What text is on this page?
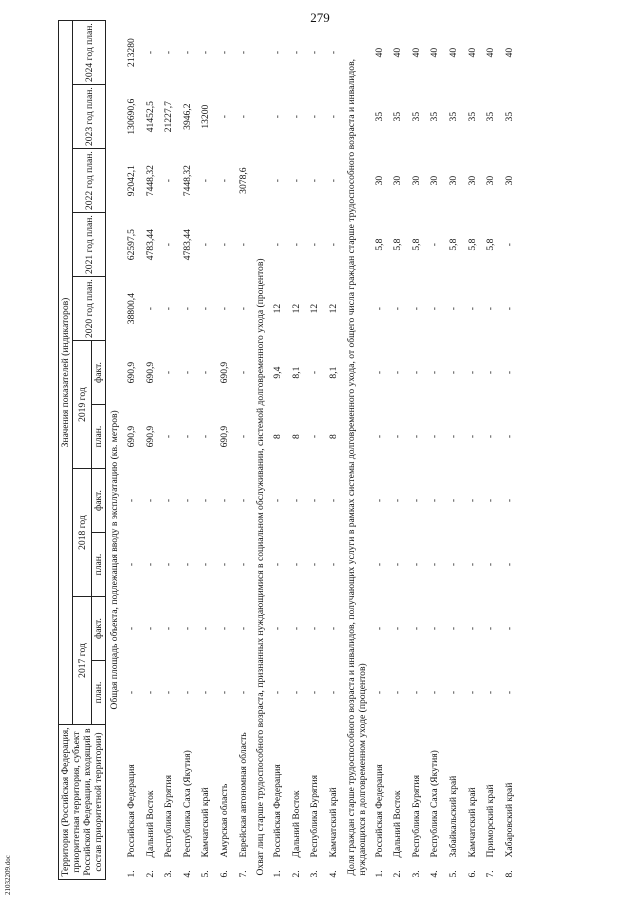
279
21032209.doc	Территория (Российская Федерация, приоритетная территория, субъект Российской Федерации, входящий в состав приоритетной территории)		Значения показателей (индикаторов)										
		2017 год		2018 год		2019 год		2020 год план.	2021 год план.	2022 год план.	2023 год план.	2024 год план.
		план.	факт.	план.	факт.	план.	факт.					
Общая площадь объекта, подлежащая вводу в эксплуатацию (кв. метров)												
1.	Российская Федерация	-	-	-	-	690,9	690,9	38800,4	62597,5	92042,1	130690,6	213280
2.	Дальний Восток	-	-	-	-	690,9	690,9	-	4783,44	7448,32	41452,5	-
3.	Республика Бурятия	-	-	-	-	-	-	-	-	-	21227,7	-
4.	Республика Саха (Якутия)	-	-	-	-	-	-	-	4783,44	7448,32	3946,2	-
5.	Камчатский край	-	-	-	-	-	-	-	-	-	13200	-
6.	Амурская область	-	-	-	-	690,9	690,9	-	-	-	-	-
7.	Еврейская автономная область	-	-	-	-	-	-	-	-	3078,6	-	-
Охват лиц старше трудоспособного возраста, признанных нуждающимися в социальном обслуживании, системой долговременного ухода (процентов)												
1.	Российская Федерация	-	-	-	-	8	9,4	12	-	-	-	-
2.	Дальний Восток	-	-	-	-	8	8,1	12	-	-	-	-
3.	Республика Бурятия	-	-	-	-	-	-	12	-	-	-	-
4.	Камчатский край	-	-	-	-	8	8,1	12	-	-	-	-
Доля граждан старше трудоспособного возраста и инвалидов, получающих услуги в рамках системы долговременного ухода, от общего числа граждан старше трудоспособного возраста и инвалидов, нуждающихся в долговременном уходе (процентов)												
1.	Российская Федерация	-	-	-	-	-	-	-	5,8	30	35	40
2.	Дальний Восток	-	-	-	-	-	-	-	5,8	30	35	40
3.	Республика Бурятия	-	-	-	-	-	-	-	5,8	30	35	40
4.	Республика Саха (Якутия)	-	-	-	-	-	-	-	-	30	35	40
5.	Забайкальский край	-	-	-	-	-	-	-	5,8	30	35	40
6.	Камчатский край	-	-	-	-	-	-	-	5,8	30	35	40
7.	Приморский край	-	-	-	-	-	-	-	5,8	30	35	40
8.	Хабаровский край	-	-	-	-	-	-	-	-	30	35	40
